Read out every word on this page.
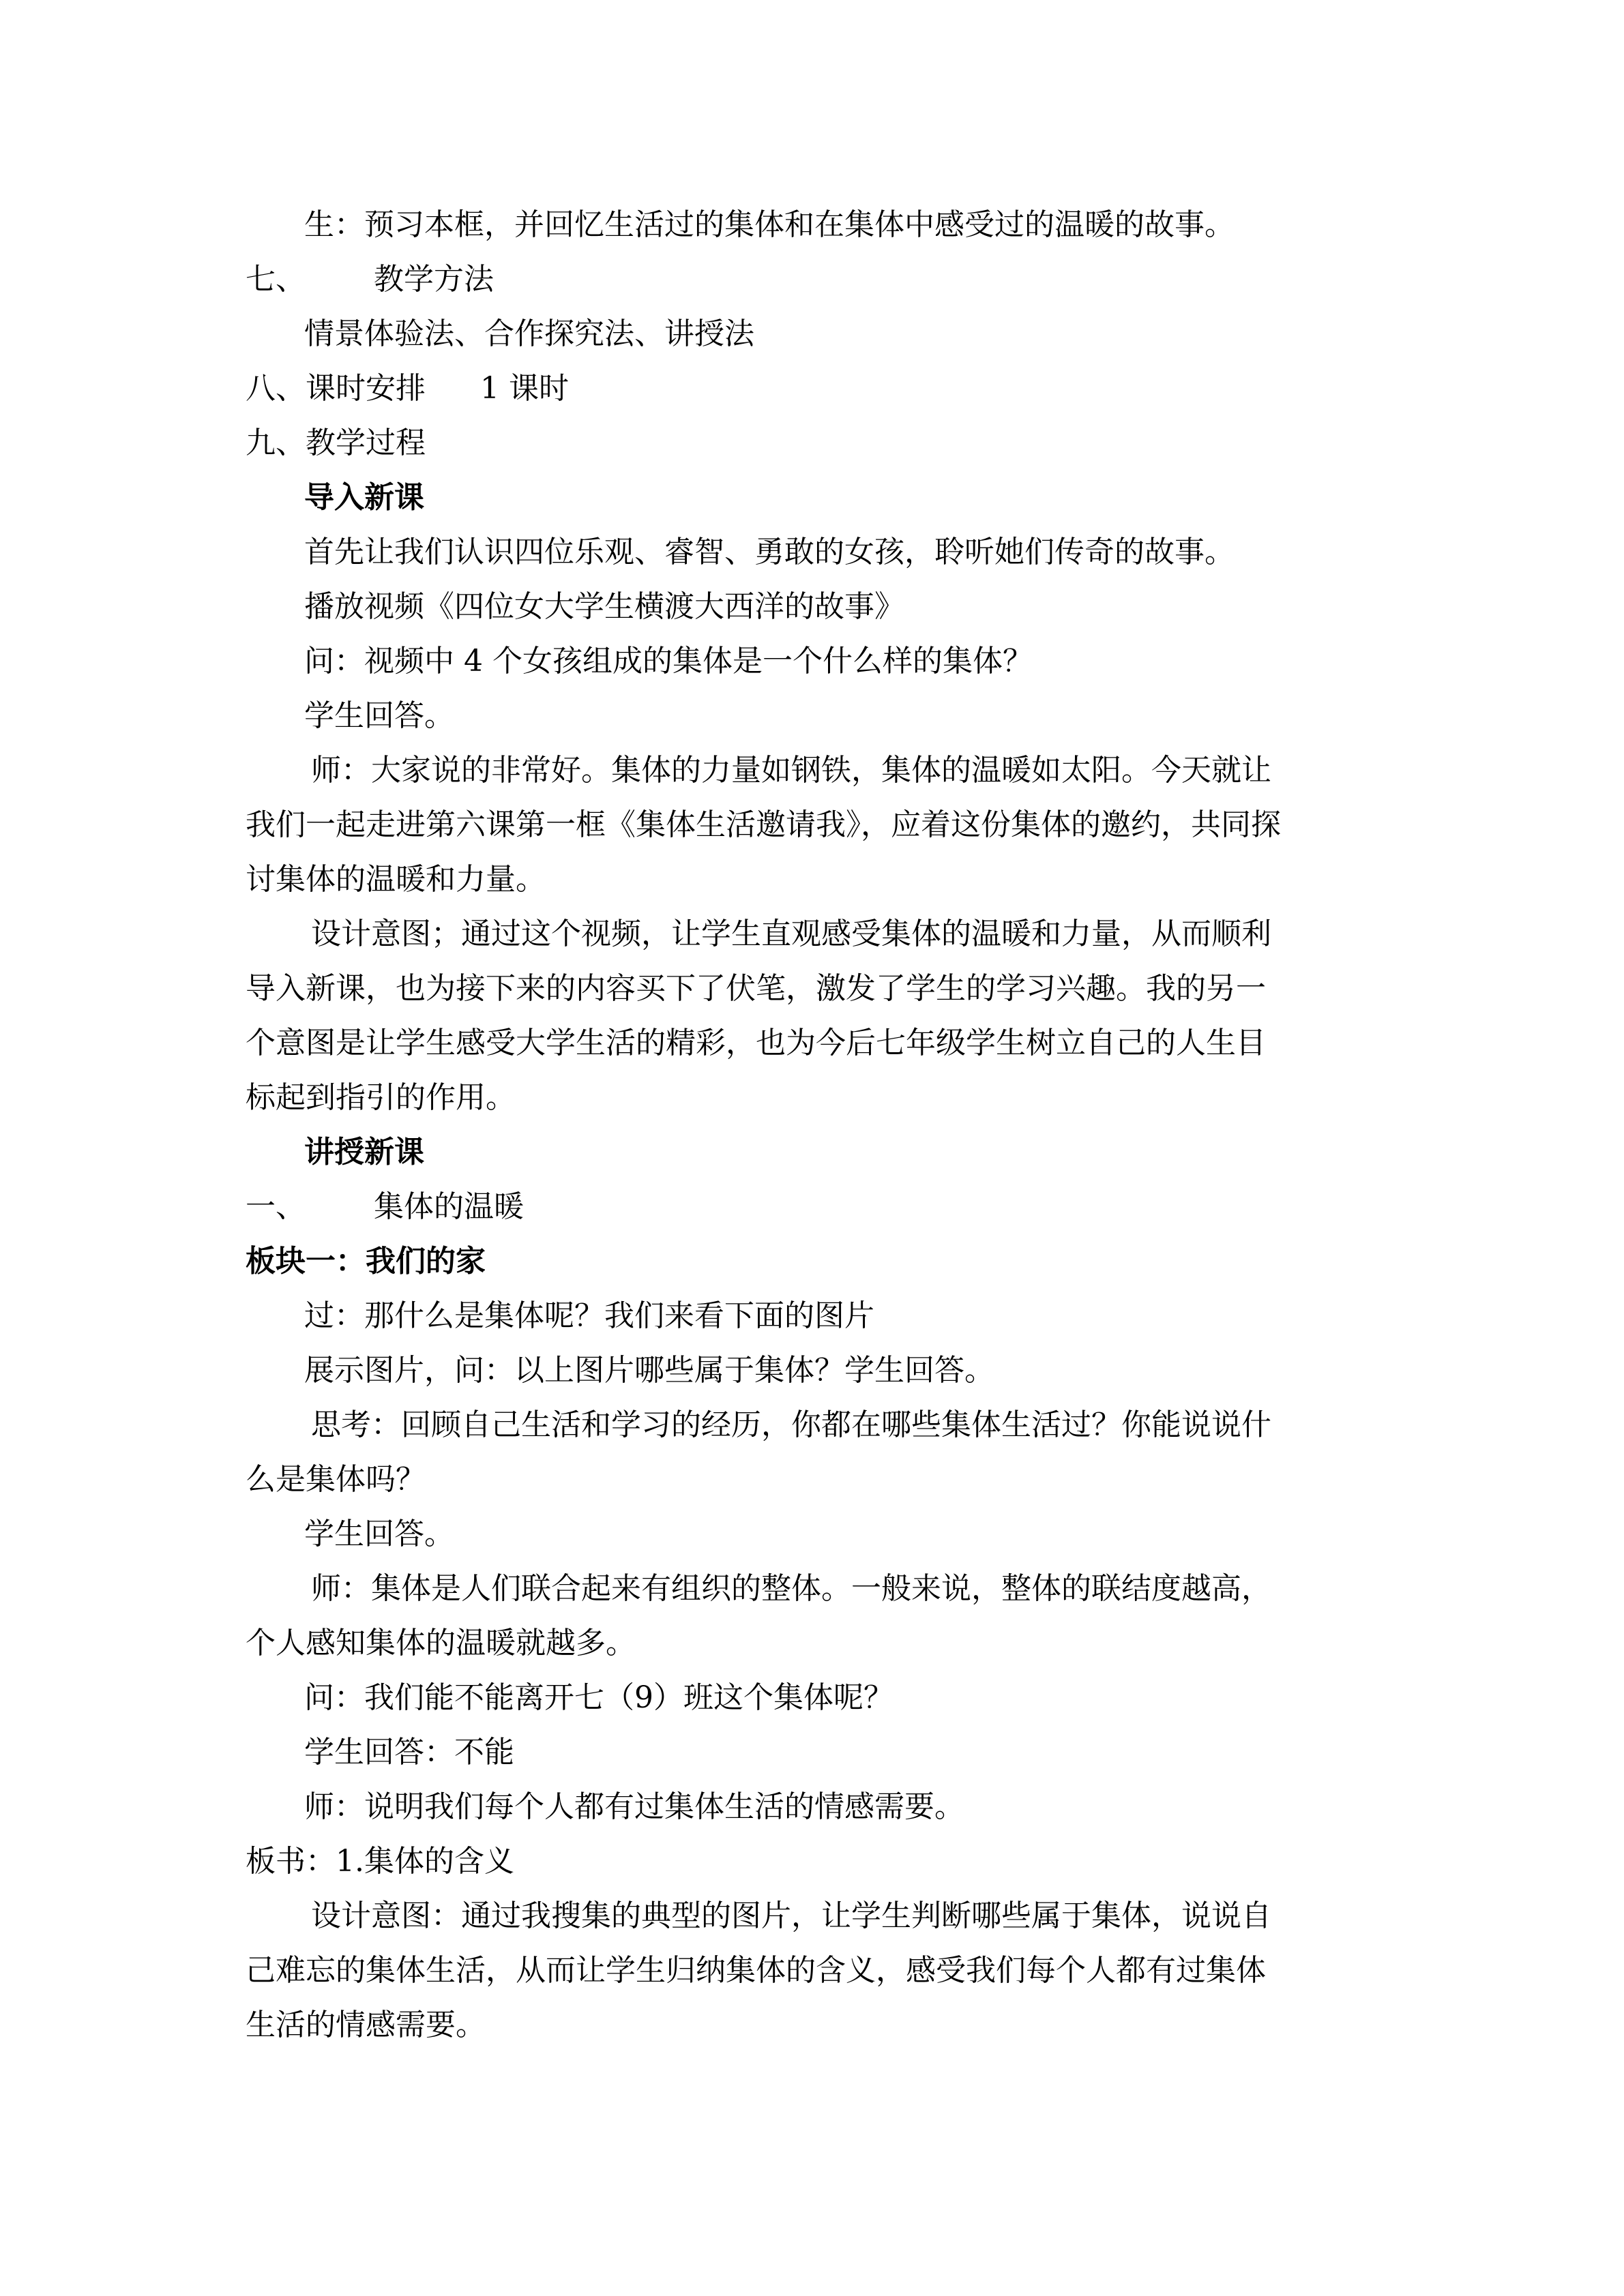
生：预习本框，并回忆生活过的集体和在集体中感受过的温暖的故事。
七、 教学方法
情景体验法、合作探究法、讲授法
八、课时安排 1 课时
九、教学过程
导入新课
首先让我们认识四位乐观、睿智、勇敢的女孩，聆听她们传奇的故事。
播放视频《四位女大学生横渡大西洋的故事》
问：视频中 4 个女孩组成的集体是一个什么样的集体？
学生回答。
师：大家说的非常好。集体的力量如钢铁，集体的温暖如太阳。今天就让
我们一起走进第六课第一框《集体生活邀请我》，应着这份集体的邀约，共同探
讨集体的温暖和力量。
设计意图；通过这个视频，让学生直观感受集体的温暖和力量，从而顺利
导入新课，也为接下来的内容买下了伏笔，激发了学生的学习兴趣。我的另一
个意图是让学生感受大学生活的精彩，也为今后七年级学生树立自己的人生目
标起到指引的作用。
讲授新课
一、 集体的温暖
板块一：我们的家
过：那什么是集体呢？我们来看下面的图片
展示图片，问：以上图片哪些属于集体？学生回答。
思考：回顾自己生活和学习的经历，你都在哪些集体生活过？你能说说什
么是集体吗？
学生回答。
师：集体是人们联合起来有组织的整体。一般来说，整体的联结度越高，
个人感知集体的温暖就越多。
问：我们能不能离开七（9）班这个集体呢？
学生回答：不能
师：说明我们每个人都有过集体生活的情感需要。
板书：1.集体的含义
设计意图：通过我搜集的典型的图片，让学生判断哪些属于集体，说说自
己难忘的集体生活，从而让学生归纳集体的含义，感受我们每个人都有过集体
生活的情感需要。
